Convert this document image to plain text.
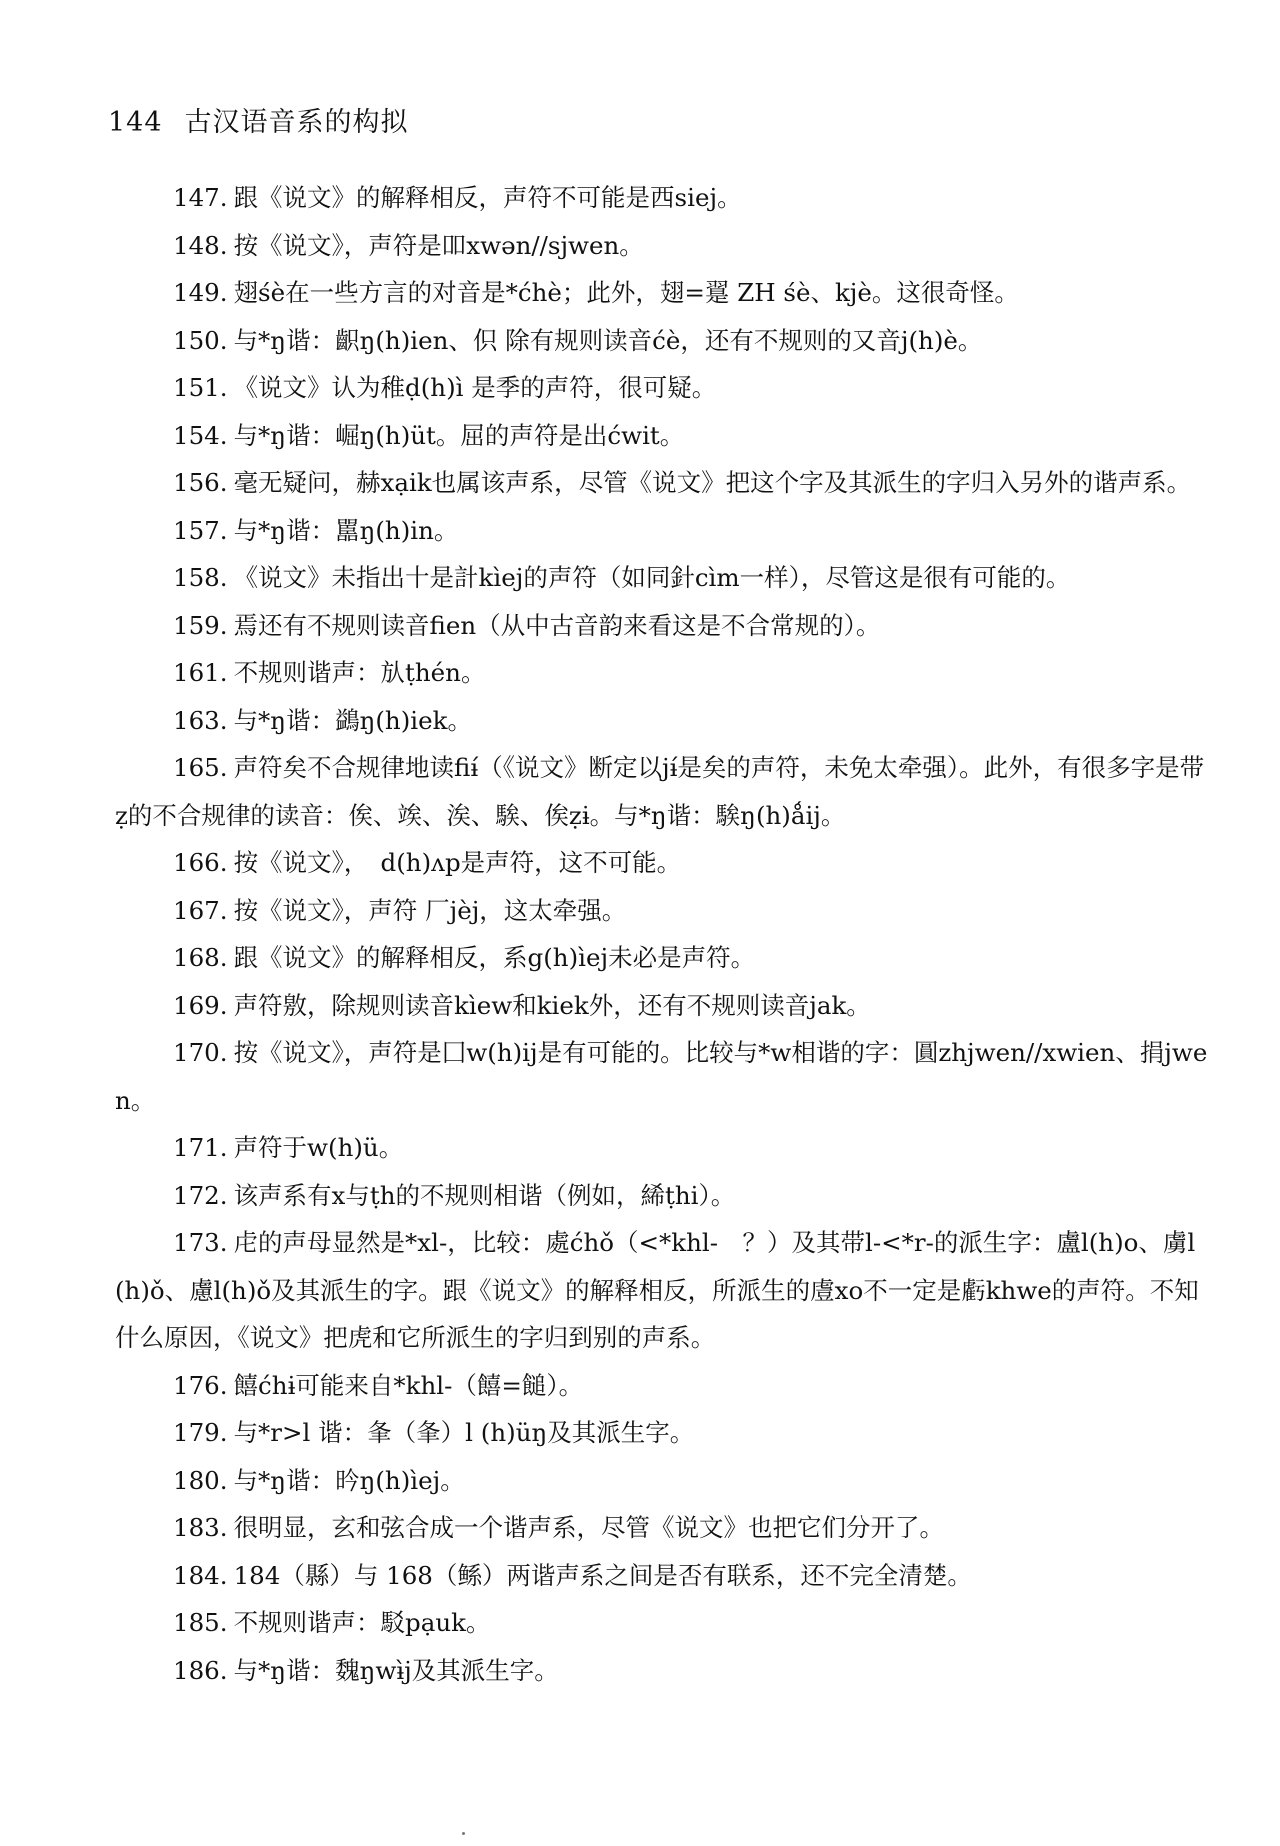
144 古汉语音系的构拟

147. 跟《说文》的解释相反，声符不可能是西siej。

148. 按《说文》，声符是吅xwən//sjwen。

149. 翅śè在一些方言的对音是*ćhè；此外，翅=翨 ZH śè、kjè。这很奇怪。

150. 与*ŋ谐：齞ŋ(h)ien、伿 除有规则读音ćè，还有不规则的又音j(h)è。

151. 《说文》认为稚ḍ(h)ì 是季的声符，很可疑。

154. 与*ŋ谐：崛ŋ(h)üt。屈的声符是出ćwit。

156. 毫无疑问，赫xạik也属该声系，尽管《说文》把这个字及其派生的字归入另外的谐声系。

157. 与*ŋ谐：嚚ŋ(h)in。

158. 《说文》未指出十是計kìej的声符（如同針cìm一样），尽管这是很有可能的。

159. 焉还有不规则读音fien（从中古音韵来看这是不合常规的）。

161. 不规则谐声：㫃ṭhén。

163. 与*ŋ谐：鷁ŋ(h)iek。

165. 声符矣不合规律地读fiɨ́（《说文》断定以jɨ́是矣的声符，未免太牵强）。此外，有很多字是带ẓ的不合规律的读音：俟、竢、涘、騃、俟ẓɨ。与*ŋ谐：騃ŋ(h)ǻij。

166. 按《说文》，　d(h)ʌp是声符，这不可能。

167. 按《说文》，声符 厂jèj，这太牵强。

168. 跟《说文》的解释相反，系g(h)ìej未必是声符。

169. 声符敫，除规则读音kìew和kiek外，还有不规则读音jak。

170. 按《说文》，声符是囗w(h)ij是有可能的。比较与*w相谐的字：圓zhjwen//xwien、捐jwen。

171. 声符于w(h)ü。

172. 该声系有x与ṭh的不规则相谐（例如，絺ṭhi）。

173. 虍的声母显然是*xl-，比较：處ćhǒ（<*khl-　？）及其带l-<*r-的派生字：盧l(h)o、虜l(h)ǒ、慮l(h)ǒ及其派生的字。跟《说文》的解释相反，所派生的䖒xo不一定是虧khwe的声符。不知什么原因，《说文》把虎和它所派生的字归到别的声系。

176. 饎ćhɨ可能来自*khl-（饎=䭔）。

179. 与*r>l 谐：夆（夆）l (h)üŋ及其派生字。

180. 与*ŋ谐：昑ŋ(h)ìej。

183. 很明显，玄和弦合成一个谐声系，尽管《说文》也把它们分开了。

184. 184（縣）与 168（鲧）两谐声系之间是否有联系，还不完全清楚。

185. 不规则谐声：駁pạuk。

186. 与*ŋ谐：魏ŋwɨ̀j及其派生字。
